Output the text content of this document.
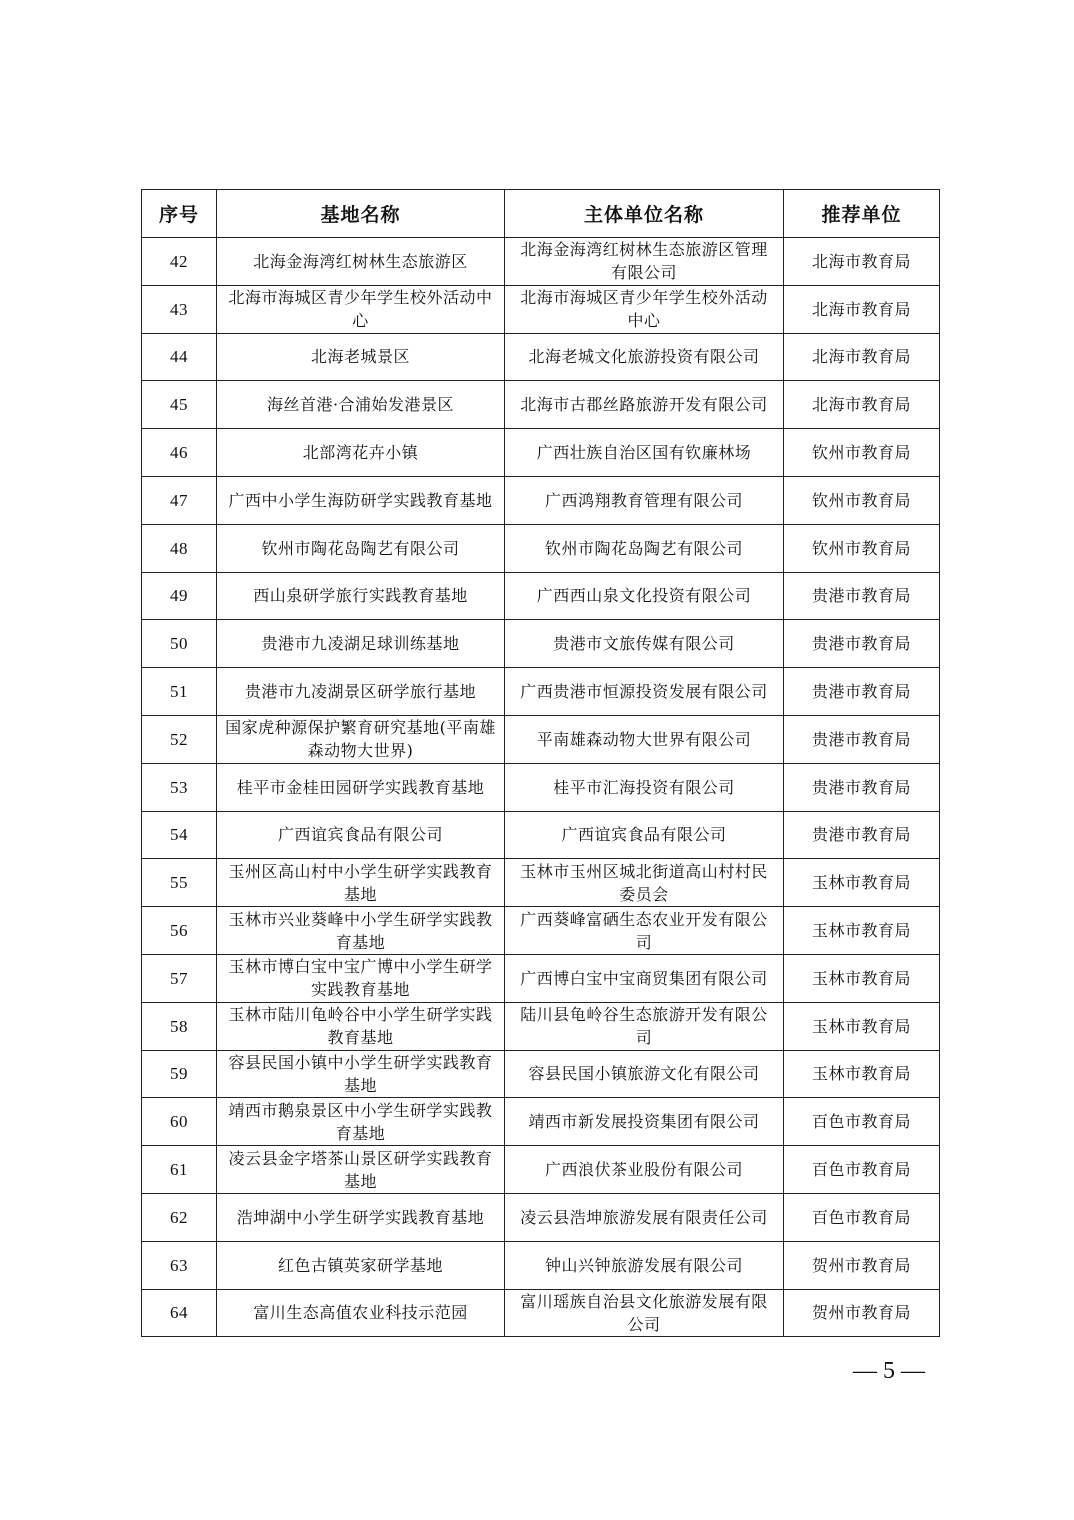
序号	基地名称	主体单位名称	推荐单位
42	北海金海湾红树林生态旅游区	北海金海湾红树林生态旅游区管理有限公司	北海市教育局
43	北海市海城区青少年学生校外活动中心	北海市海城区青少年学生校外活动中心	北海市教育局
44	北海老城景区	北海老城文化旅游投资有限公司	北海市教育局
45	海丝首港·合浦始发港景区	北海市古郡丝路旅游开发有限公司	北海市教育局
46	北部湾花卉小镇	广西壮族自治区国有钦廉林场	钦州市教育局
47	广西中小学生海防研学实践教育基地	广西鸿翔教育管理有限公司	钦州市教育局
48	钦州市陶花岛陶艺有限公司	钦州市陶花岛陶艺有限公司	钦州市教育局
49	西山泉研学旅行实践教育基地	广西西山泉文化投资有限公司	贵港市教育局
50	贵港市九凌湖足球训练基地	贵港市文旅传媒有限公司	贵港市教育局
51	贵港市九凌湖景区研学旅行基地	广西贵港市恒源投资发展有限公司	贵港市教育局
52	国家虎种源保护繁育研究基地(平南雄森动物大世界)	平南雄森动物大世界有限公司	贵港市教育局
53	桂平市金桂田园研学实践教育基地	桂平市汇海投资有限公司	贵港市教育局
54	广西谊宾食品有限公司	广西谊宾食品有限公司	贵港市教育局
55	玉州区高山村中小学生研学实践教育基地	玉林市玉州区城北街道高山村村民委员会	玉林市教育局
56	玉林市兴业葵峰中小学生研学实践教育基地	广西葵峰富硒生态农业开发有限公司	玉林市教育局
57	玉林市博白宝中宝广博中小学生研学实践教育基地	广西博白宝中宝商贸集团有限公司	玉林市教育局
58	玉林市陆川龟岭谷中小学生研学实践教育基地	陆川县龟岭谷生态旅游开发有限公司	玉林市教育局
59	容县民国小镇中小学生研学实践教育基地	容县民国小镇旅游文化有限公司	玉林市教育局
60	靖西市鹅泉景区中小学生研学实践教育基地	靖西市新发展投资集团有限公司	百色市教育局
61	凌云县金字塔茶山景区研学实践教育基地	广西浪伏茶业股份有限公司	百色市教育局
62	浩坤湖中小学生研学实践教育基地	凌云县浩坤旅游发展有限责任公司	百色市教育局
63	红色古镇英家研学基地	钟山兴钟旅游发展有限公司	贺州市教育局
64	富川生态高值农业科技示范园	富川瑶族自治县文化旅游发展有限公司	贺州市教育局
— 5 —
